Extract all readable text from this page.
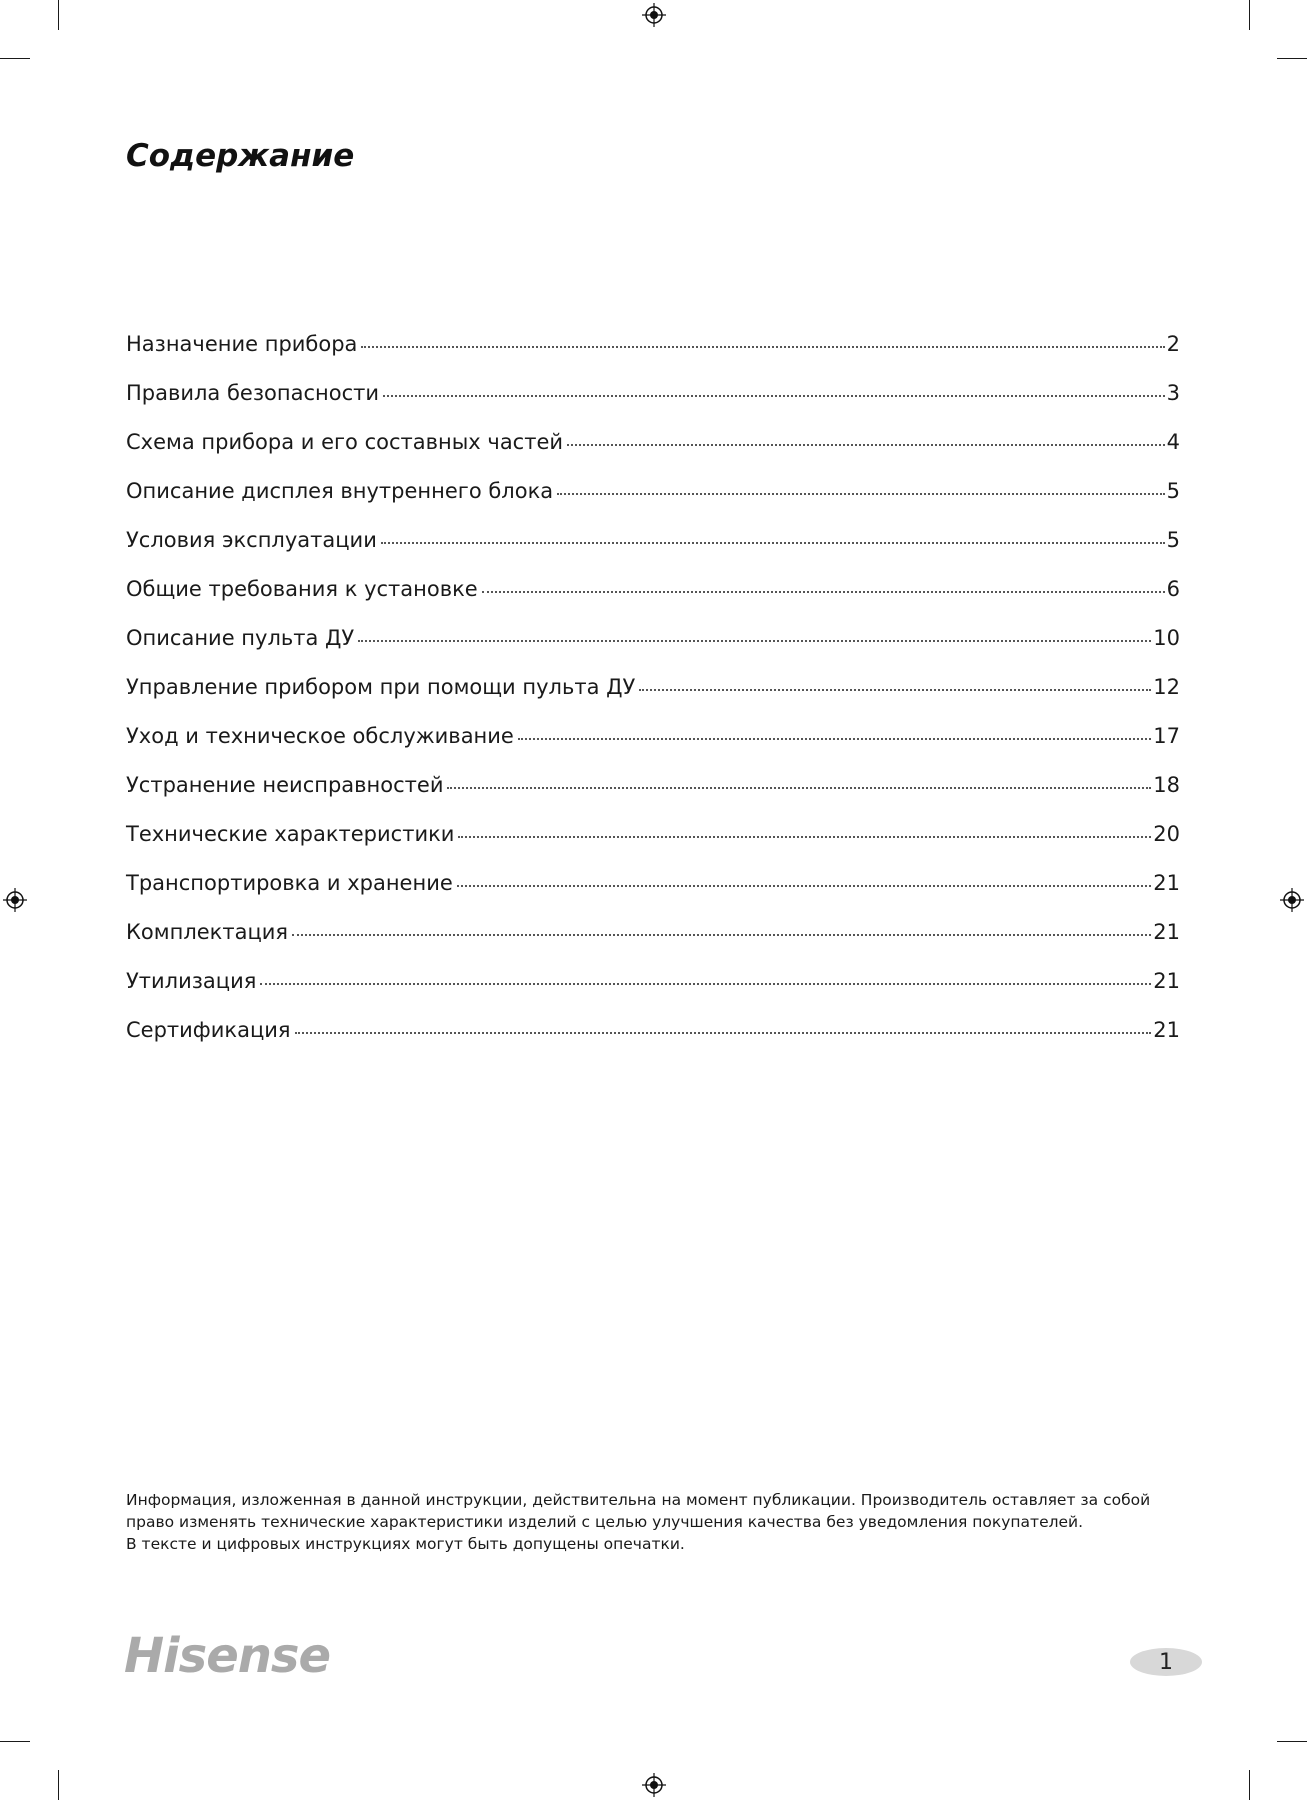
Содержание
Назначение прибора	2
Правила безопасности	3
Схема прибора и его составных частей	4
Описание дисплея внутреннего блока	5
Условия эксплуатации	5
Общие требования к установке	6
Описание пульта ДУ	10
Управление прибором при помощи пульта ДУ	12
Уход и техническое обслуживание	17
Устранение неисправностей	18
Технические характеристики	20
Транспортировка и хранение	21
Комплектация	21
Утилизация	21
Сертификация	21
Информация, изложенная в данной инструкции, действительна на момент публикации. Производитель оставляет за собой
право изменять технические характеристики изделий с целью улучшения качества без уведомления покупателей.
В тексте и цифровых инструкциях могут быть допущены опечатки.
Hisense	1
